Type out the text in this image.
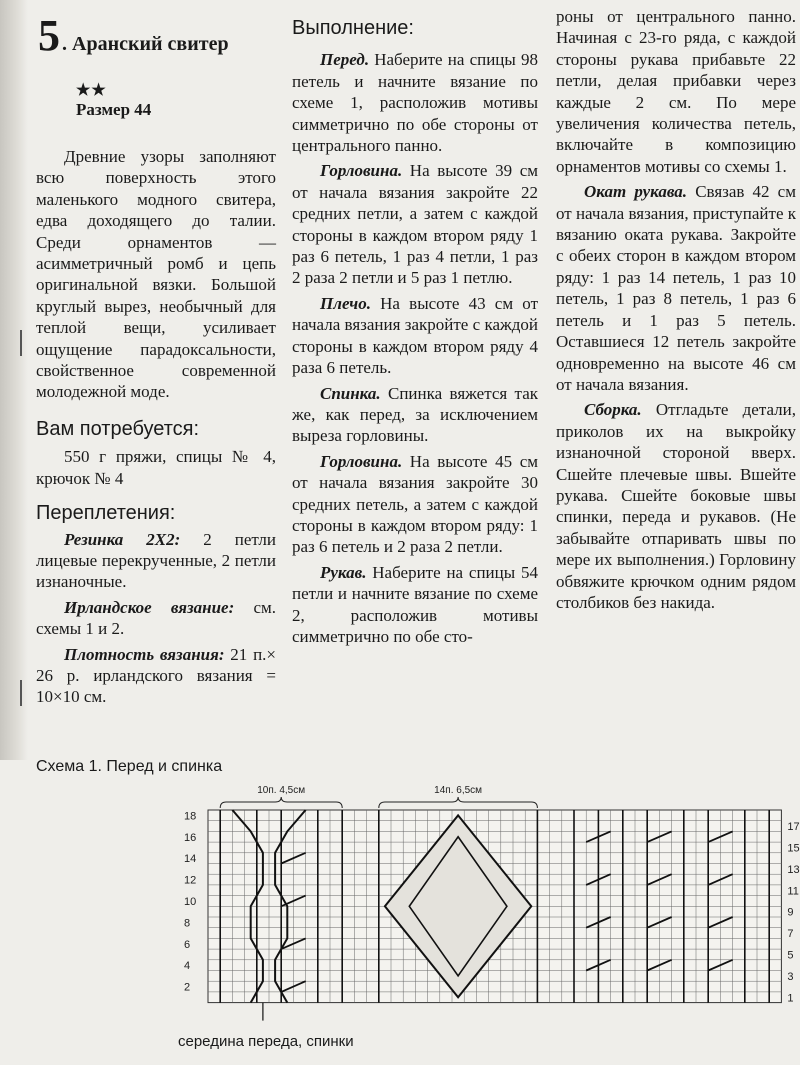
5 . Аранский свитер
★★
Размер 44

Древние узоры заполняют всю поверхность этого маленького модного свитера, едва доходящего до талии. Среди орнаментов — асимметричный ромб и цепь оригинальной вязки. Большой круглый вырез, необычный для теплой вещи, усиливает ощущение парадоксальности, свойственное современной молодежной моде.

Вам потребуется:

550 г пряжи, спицы № 4, крючок № 4

Переплетения:

Резинка 2Х2: 2 петли лицевые перекрученные, 2 петли изнаночные.

Ирландское вязание: см. схемы 1 и 2.

Плотность вязания: 21 п.× 26 р. ирландского вязания = 10×10 см.

Выполнение:

Перед. Наберите на спицы 98 петель и начните вязание по схеме 1, расположив мотивы симметрично по обе стороны от центрального панно.

Горловина. На высоте 39 см от начала вязания закройте 22 средних петли, а затем с каждой стороны в каждом втором ряду 1 раз 6 петель, 1 раз 4 петли, 1 раз 2 раза 2 петли и 5 раз 1 петлю.

Плечо. На высоте 43 см от начала вязания закройте с каждой стороны в каждом втором ряду 4 раза 6 петель.

Спинка. Спинка вяжется так же, как перед, за исключением выреза горловины.

Горловина. На высоте 45 см от начала вязания закройте 30 средних петель, а затем с каждой стороны в каждом втором ряду: 1 раз 6 петель и 2 раза 2 петли.

Рукав. Наберите на спицы 54 петли и начните вязание по схеме 2, расположив мотивы симметрично по обе сто-

роны от центрального панно. Начиная с 23-го ряда, с каждой стороны рукава прибавьте 22 петли, делая прибавки через каждые 2 см. По мере увеличения количества петель, включайте в композицию орнаментов мотивы со схемы 1.

Окат рукава. Связав 42 см от начала вязания, приступайте к вязанию оката рукава. Закройте с обеих сторон в каждом втором ряду: 1 раз 14 петель, 1 раз 10 петель, 1 раз 8 петель, 1 раз 6 петель и 1 раз 5 петель. Оставшиеся 12 петель закройте одновременно на высоте 46 см от начала вязания.

Сборка. Отгладьте детали, приколов их на выкройку изнаночной стороной вверх. Сшейте плечевые швы. Вшейте рукава. Сшейте боковые швы спинки, переда и рукавов. (Не забывайте отпаривать швы по мере их выполнения.) Горловину обвяжите крючком одним рядом столбиков без накида.

Схема 1. Перед и спинка
2
4
6
8
10
12
14
16
18
1
3
5
7
9
11
13
15
17
10п. 4,5см	14п. 6,5см
середина переда, спинки
